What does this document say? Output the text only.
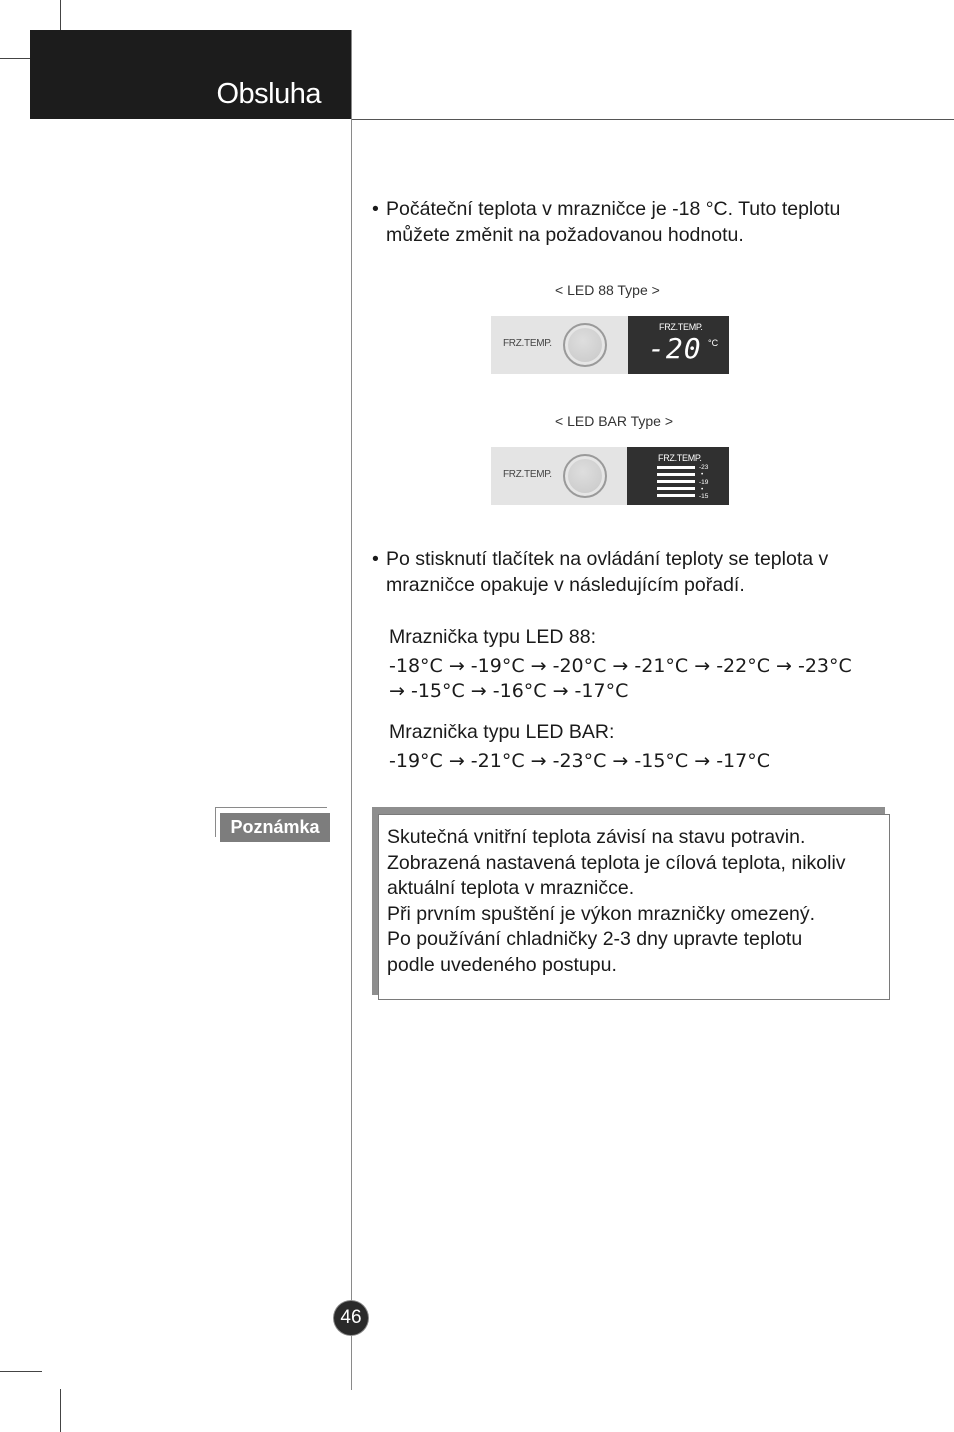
Obsluha
• Počáteční teplota v mrazničce je -18 °C. Tuto teplotu můžete změnit na požadovanou hodnotu.
< LED 88 Type >
FRZ.TEMP.
FRZ.TEMP.
-20 °C
< LED BAR Type >
FRZ.TEMP.
FRZ.TEMP.
-23
•
-19
•
-15
• Po stisknutí tlačítek na ovládání teploty se teplota v mrazničce opakuje v následujícím pořadí.
Mraznička typu LED 88:
-18°C → -19°C → -20°C → -21°C → -22°C → -23°C
→ -15°C → -16°C → -17°C
Mraznička typu LED BAR:
-19°C → -21°C → -23°C → -15°C → -17°C
Poznámka	Skutečná vnitřní teplota závisí na stavu potravin.
Zobrazená nastavená teplota je cílová teplota, nikoliv
aktuální teplota v mrazničce.
Při prvním spuštění je výkon mrazničky omezený.
Po používání chladničky 2-3 dny upravte teplotu
podle uvedeného postupu.
46
